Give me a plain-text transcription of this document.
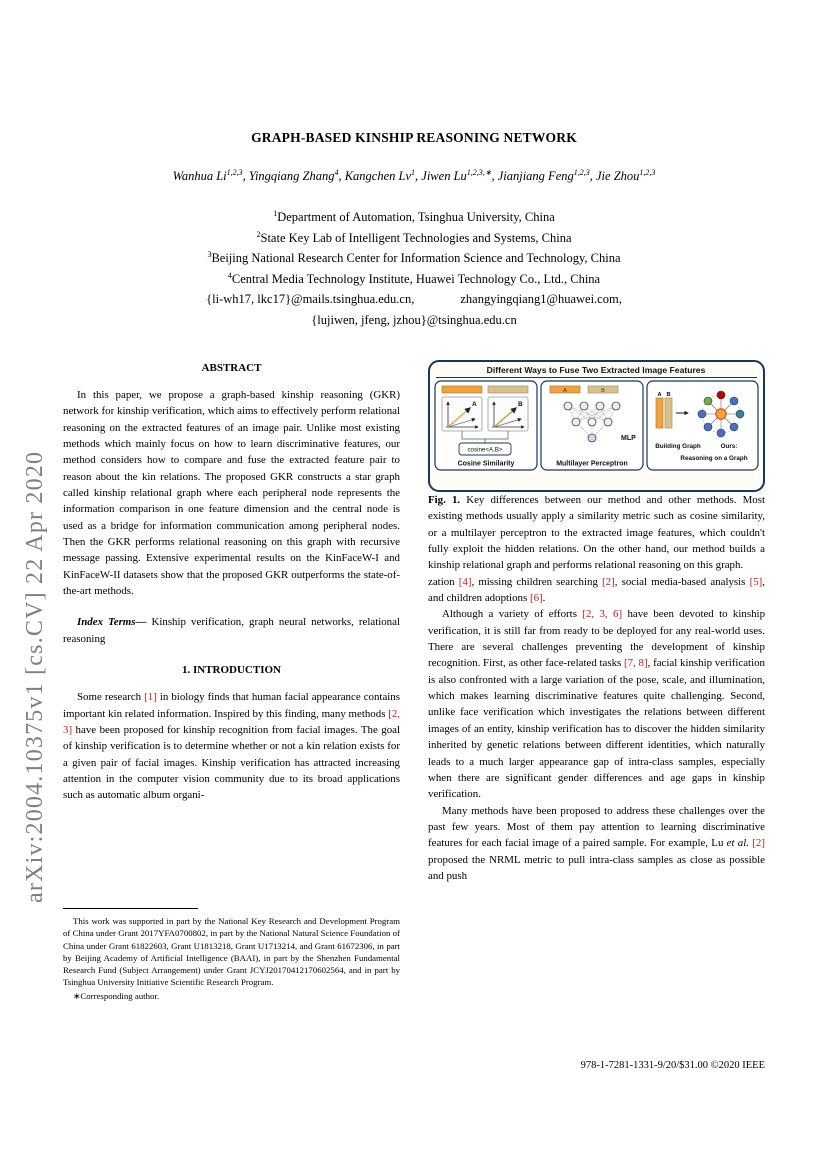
arXiv:2004.10375v1 [cs.CV] 22 Apr 2020
GRAPH-BASED KINSHIP REASONING NETWORK
Wanhua Li$^{1,2,3}$, Yingqiang Zhang$^4$, Kangchen Lv$^1$, Jiwen $Lu^{1,2,3,∗}$, Jianjiang Feng$^{1,2,3}$, Jie Zhou$^{1,2,3}$
$^1$Department of Automation, Tsinghua University, China
$^2$State Key Lab of Intelligent Technologies and Systems, China
$^3$Beijing National Research Center for Information Science and Technology, China
$^4$Central Media Technology Institute, Huawei Technology Co., Ltd., China
{li-wh17, lkc17}@mails.tsinghua.edu.cn,	zhangyingqiang1@huawei.com,
{lujiwen, jfeng, jzhou}@tsinghua.edu.cn
ABSTRACT

In this paper, we propose a graph-based kinship reasoning (GKR) network for kinship verification, which aims to effectively perform relational reasoning on the extracted features of an image pair. Unlike most existing methods which mainly focus on how to learn discriminative features, our method considers how to compare and fuse the extracted feature pair to reason about the kin relations. The proposed GKR constructs a star graph called kinship relational graph where each peripheral node represents the information comparison in one feature dimension and the central node is used as a bridge for information communication among peripheral nodes. Then the GKR performs relational reasoning on this graph with recursive message passing. Extensive experimental results on the KinFaceW-I and KinFaceW-II datasets show that the proposed GKR outperforms the state-of-the-art methods.

Index Terms— Kinship verification, graph neural networks, relational reasoning

1. INTRODUCTION

Some research [1] in biology finds that human facial appearance contains important kin related information. Inspired by this finding, many methods [2, 3] have been proposed for kinship recognition from facial images. The goal of kinship verification is to determine whether or not a kin relation exists for a given pair of facial images. Kinship verification has attracted increasing attention in the computer vision community due to its broad applications such as automatic album organi-

Different Ways to Fuse Two Extracted Image Features
A	B
cosine<A,B>
Cosine Similarity
A	B
MLP
Multilayer Perceptron
A B
Building Graph	Ours:
Reasoning on a Graph

Fig. 1. Key differences between our method and other methods. Most existing methods usually apply a similarity metric such as cosine similarity, or a multilayer perceptron to the extracted image features, which couldn't fully exploit the hidden relations. On the other hand, our method builds a kinship relational graph and performs relational reasoning on this graph.

zation [4], missing children searching [2], social media-based analysis [5], and children adoptions [6].

Although a variety of efforts [2, 3, 6] have been devoted to kinship verification, it is still far from ready to be deployed for any real-world uses. There are several challenges preventing the development of kinship recognition. First, as other face-related tasks [7, 8], facial kinship verification is also confronted with a large variation of the pose, scale, and illumination, which makes learning discriminative features quite challenging. Second, unlike face verification which investigates the relations between different images of an entity, kinship verification has to discover the hidden similarity inherited by genetic relations between different identities, which naturally leads to a much larger appearance gap of intra-class samples, especially when there are significant gender differences and age gaps in kinship verification.

Many methods have been proposed to address these challenges over the past few years. Most of them pay attention to learning discriminative features for each facial image of a paired sample. For example, Lu et al. [2] proposed the NRML metric to pull intra-class samples as close as possible and push

This work was supported in part by the National Key Research and Development Program of China under Grant 2017YFA0700802, in part by the National Natural Science Foundation of China under Grant 61822603, Grant U1813218, Grant U1713214, and Grant 61672306, in part by Beijing Academy of Artificial Intelligence (BAAI), in part by the Shenzhen Fundamental Research Fund (Subject Arrangement) under Grant JCYJ20170412170602564, and in part by Tsinghua University Initiative Scientific Research Program.

∗Corresponding author.

978-1-7281-1331-9/20/$31.00 ©2020 IEEE
